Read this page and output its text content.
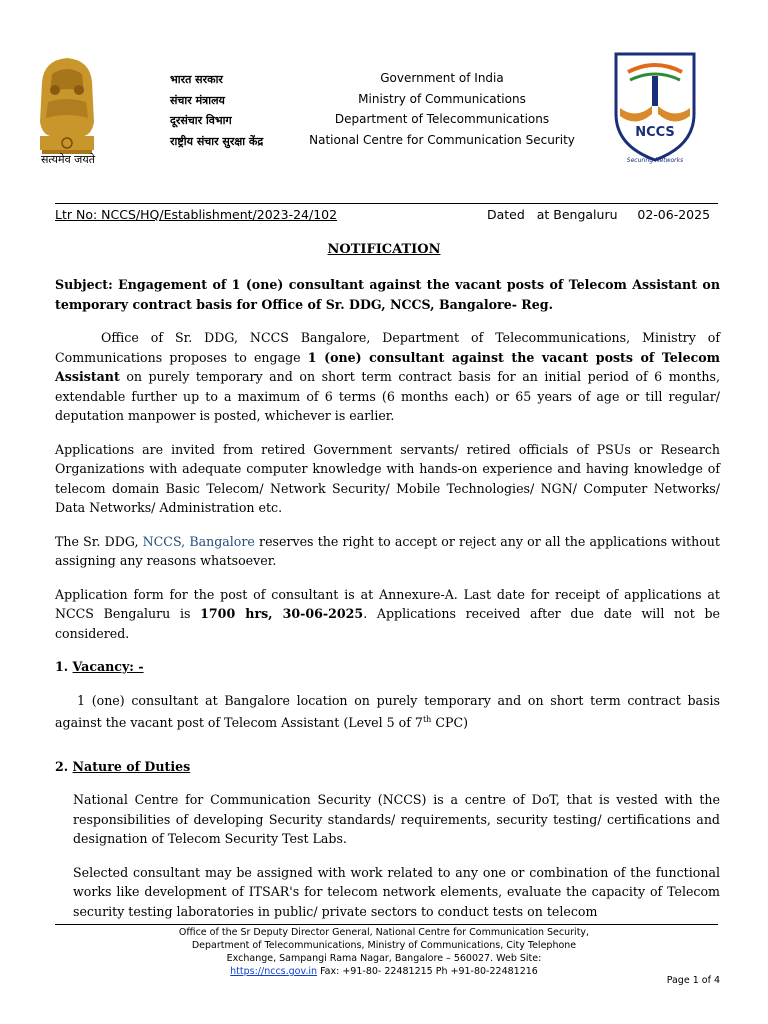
सत्यमेव जयते
भारत सरकार
संचार मंत्रालय
दूरसंचार विभाग
राष्ट्रीय संचार सुरक्षा केंद्र
Government of India
Ministry of Communications
Department of Telecommunications
National Centre for Communication Security	NCCS
Securing Networks
Ltr No: NCCS/HQ/Establishment/2023-24/102	Dated   at Bengaluru     02-06-2025
NOTIFICATION

Subject: Engagement of 1 (one) consultant against the vacant posts of Telecom Assistant on temporary contract basis for Office of Sr. DDG, NCCS, Bangalore- Reg.

Office of Sr. DDG, NCCS Bangalore, Department of Telecommunications, Ministry of Communications proposes to engage 1 (one) consultant against the vacant posts of Telecom Assistant on purely temporary and on short term contract basis for an initial period of 6 months, extendable further up to a maximum of 6 terms (6 months each) or 65 years of age or till regular/ deputation manpower is posted, whichever is earlier.

Applications are invited from retired Government servants/ retired officials of PSUs or Research Organizations with adequate computer knowledge with hands-on experience and having knowledge of telecom domain Basic Telecom/ Network Security/ Mobile Technologies/ NGN/ Computer Networks/ Data Networks/ Administration etc.

The Sr. DDG, NCCS, Bangalore reserves the right to accept or reject any or all the applications without assigning any reasons whatsoever.

Application form for the post of consultant is at Annexure-A. Last date for receipt of applications at NCCS Bengaluru is 1700 hrs, 30-06-2025. Applications received after due date will not be considered.

1. Vacancy: -

1 (one) consultant at Bangalore location on purely temporary and on short term contract basis against the vacant post of Telecom Assistant (Level 5 of 7th CPC)

2. Nature of Duties

National Centre for Communication Security (NCCS) is a centre of DoT, that is vested with the responsibilities of developing Security standards/ requirements, security testing/ certifications and designation of Telecom Security Test Labs.

Selected consultant may be assigned with work related to any one or combination of the functional works like development of ITSAR's for telecom network elements, evaluate the capacity of Telecom security testing laboratories in public/ private sectors to conduct tests on telecom

Office of the Sr Deputy Director General, National Centre for Communication Security,
Department of Telecommunications, Ministry of Communications, City Telephone
Exchange, Sampangi Rama Nagar, Bangalore – 560027. Web Site:
https://nccs.gov.in Fax: +91-80- 22481215 Ph +91-80-22481216
Page 1 of 4
